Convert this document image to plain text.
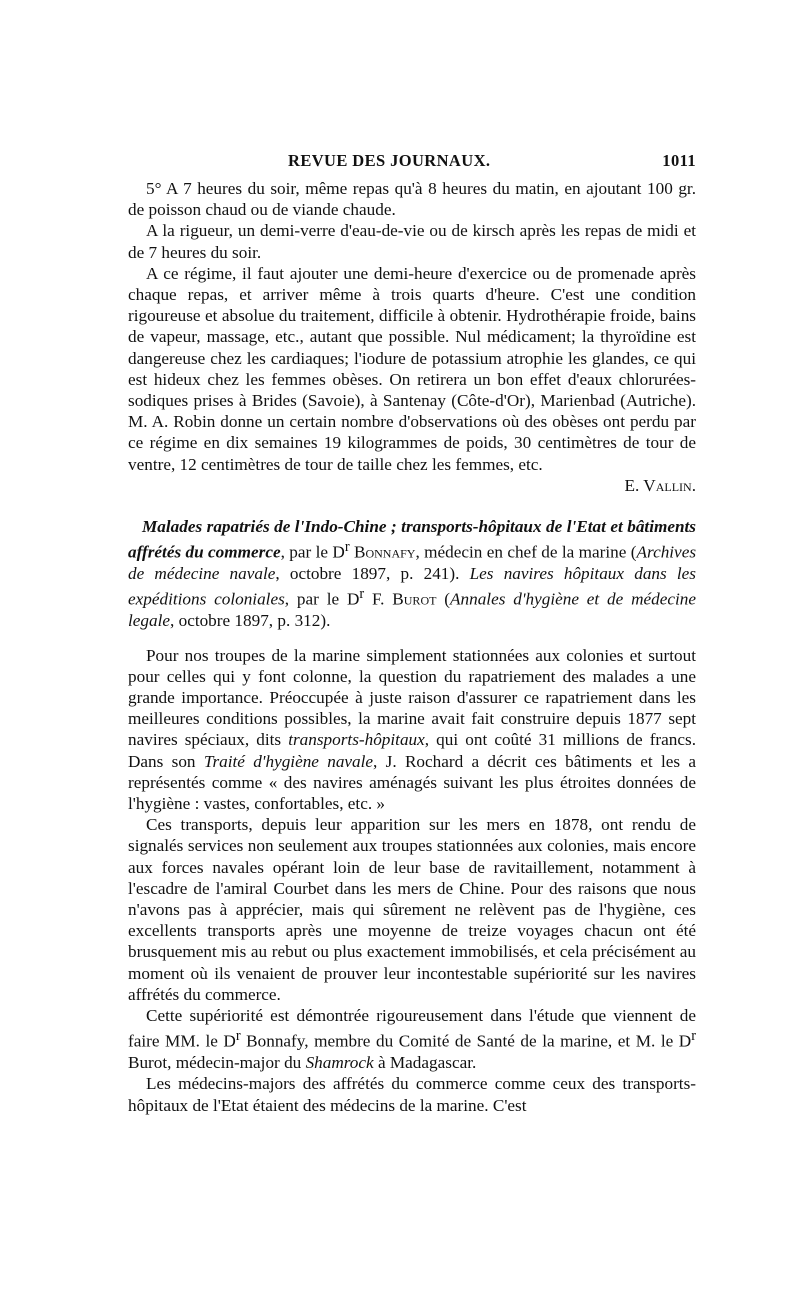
REVUE DES JOURNAUX.	1011

5° A 7 heures du soir, même repas qu'à 8 heures du matin, en ajoutant 100 gr. de poisson chaud ou de viande chaude.

A la rigueur, un demi-verre d'eau-de-vie ou de kirsch après les repas de midi et de 7 heures du soir.

A ce régime, il faut ajouter une demi-heure d'exercice ou de promenade après chaque repas, et arriver même à trois quarts d'heure. C'est une condition rigoureuse et absolue du traitement, difficile à obtenir. Hydrothérapie froide, bains de vapeur, massage, etc., autant que possible. Nul médicament; la thyroïdine est dangereuse chez les cardiaques; l'iodure de potassium atrophie les glandes, ce qui est hideux chez les femmes obèses. On retirera un bon effet d'eaux chlorurées-sodiques prises à Brides (Savoie), à Santenay (Côte-d'Or), Marienbad (Autriche). M. A. Robin donne un certain nombre d'observations où des obèses ont perdu par ce régime en dix semaines 19 kilogrammes de poids, 30 centimètres de tour de ventre, 12 centimètres de tour de taille chez les femmes, etc.

E. Vallin.

Malades rapatriés de l'Indo-Chine ; transports-hôpitaux de l'Etat et bâtiments affrétés du commerce, par le $D^r$ Bonnafy, médecin en chef de la marine (Archives de médecine navale, octobre 1897, p. 241). Les navires hôpitaux dans les expéditions coloniales, par le $D^r$ F. Burot (Annales d'hygiène et de médecine legale, octobre 1897, p. 312).

Pour nos troupes de la marine simplement stationnées aux colonies et surtout pour celles qui y font colonne, la question du rapatriement des malades a une grande importance. Préoccupée à juste raison d'assurer ce rapatriement dans les meilleures conditions possibles, la marine avait fait construire depuis 1877 sept navires spéciaux, dits transports-hôpitaux, qui ont coûté 31 millions de francs. Dans son Traité d'hygiène navale, J. Rochard a décrit ces bâtiments et les a représentés comme « des navires aménagés suivant les plus étroites données de l'hygiène : vastes, confortables, etc. »

Ces transports, depuis leur apparition sur les mers en 1878, ont rendu de signalés services non seulement aux troupes stationnées aux colonies, mais encore aux forces navales opérant loin de leur base de ravitaillement, notamment à l'escadre de l'amiral Courbet dans les mers de Chine. Pour des raisons que nous n'avons pas à apprécier, mais qui sûrement ne relèvent pas de l'hygiène, ces excellents transports après une moyenne de treize voyages chacun ont été brusquement mis au rebut ou plus exactement immobilisés, et cela précisément au moment où ils venaient de prouver leur incontestable supériorité sur les navires affrétés du commerce.

Cette supériorité est démontrée rigoureusement dans l'étude que viennent de faire MM. le $D^r$ Bonnafy, membre du Comité de Santé de la marine, et M. le $D^r$ Burot, médecin-major du Shamrock à Madagascar.

Les médecins-majors des affrétés du commerce comme ceux des transports-hôpitaux de l'Etat étaient des médecins de la marine. C'est
